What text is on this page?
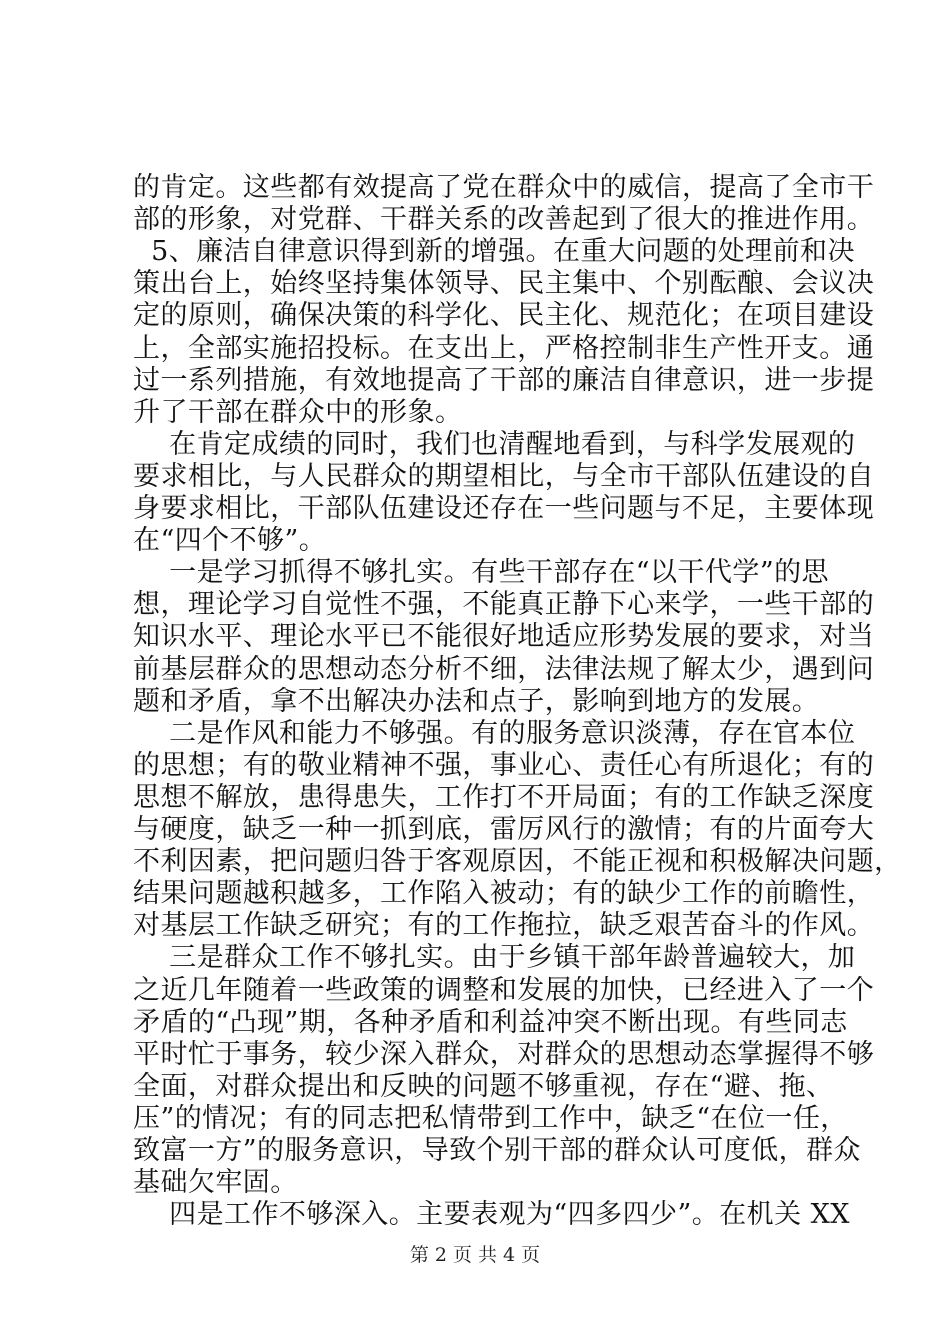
的肯定。这些都有效提高了党在群众中的威信，提高了全市干
部的形象，对党群、干群关系的改善起到了很大的推进作用。
5、廉洁自律意识得到新的增强。在重大问题的处理前和决
策出台上，始终坚持集体领导、民主集中、个别酝酿、会议决
定的原则，确保决策的科学化、民主化、规范化；在项目建设
上，全部实施招投标。在支出上，严格控制非生产性开支。通
过一系列措施，有效地提高了干部的廉洁自律意识，进一步提
升了干部在群众中的形象。
在肯定成绩的同时，我们也清醒地看到，与科学发展观的
要求相比，与人民群众的期望相比，与全市干部队伍建设的自
身要求相比，干部队伍建设还存在一些问题与不足，主要体现
在“四个不够”。
一是学习抓得不够扎实。有些干部存在“以干代学”的思
想，理论学习自觉性不强，不能真正静下心来学，一些干部的
知识水平、理论水平已不能很好地适应形势发展的要求，对当
前基层群众的思想动态分析不细，法律法规了解太少，遇到问
题和矛盾，拿不出解决办法和点子，影响到地方的发展。
二是作风和能力不够强。有的服务意识淡薄，存在官本位
的思想；有的敬业精神不强，事业心、责任心有所退化；有的
思想不解放，患得患失，工作打不开局面；有的工作缺乏深度
与硬度，缺乏一种一抓到底，雷厉风行的激情；有的片面夸大
不利因素，把问题归咎于客观原因，不能正视和积极解决问题，
结果问题越积越多，工作陷入被动；有的缺少工作的前瞻性，
对基层工作缺乏研究；有的工作拖拉，缺乏艰苦奋斗的作风。
三是群众工作不够扎实。由于乡镇干部年龄普遍较大，加
之近几年随着一些政策的调整和发展的加快，已经进入了一个
矛盾的“凸现”期，各种矛盾和利益冲突不断出现。有些同志
平时忙于事务，较少深入群众，对群众的思想动态掌握得不够
全面，对群众提出和反映的问题不够重视，存在“避、拖、
压”的情况；有的同志把私情带到工作中，缺乏“在位一任，
致富一方”的服务意识，导致个别干部的群众认可度低，群众
基础欠牢固。
四是工作不够深入。主要表观为“四多四少”。在机关 XX
第 2 页 共 4 页
